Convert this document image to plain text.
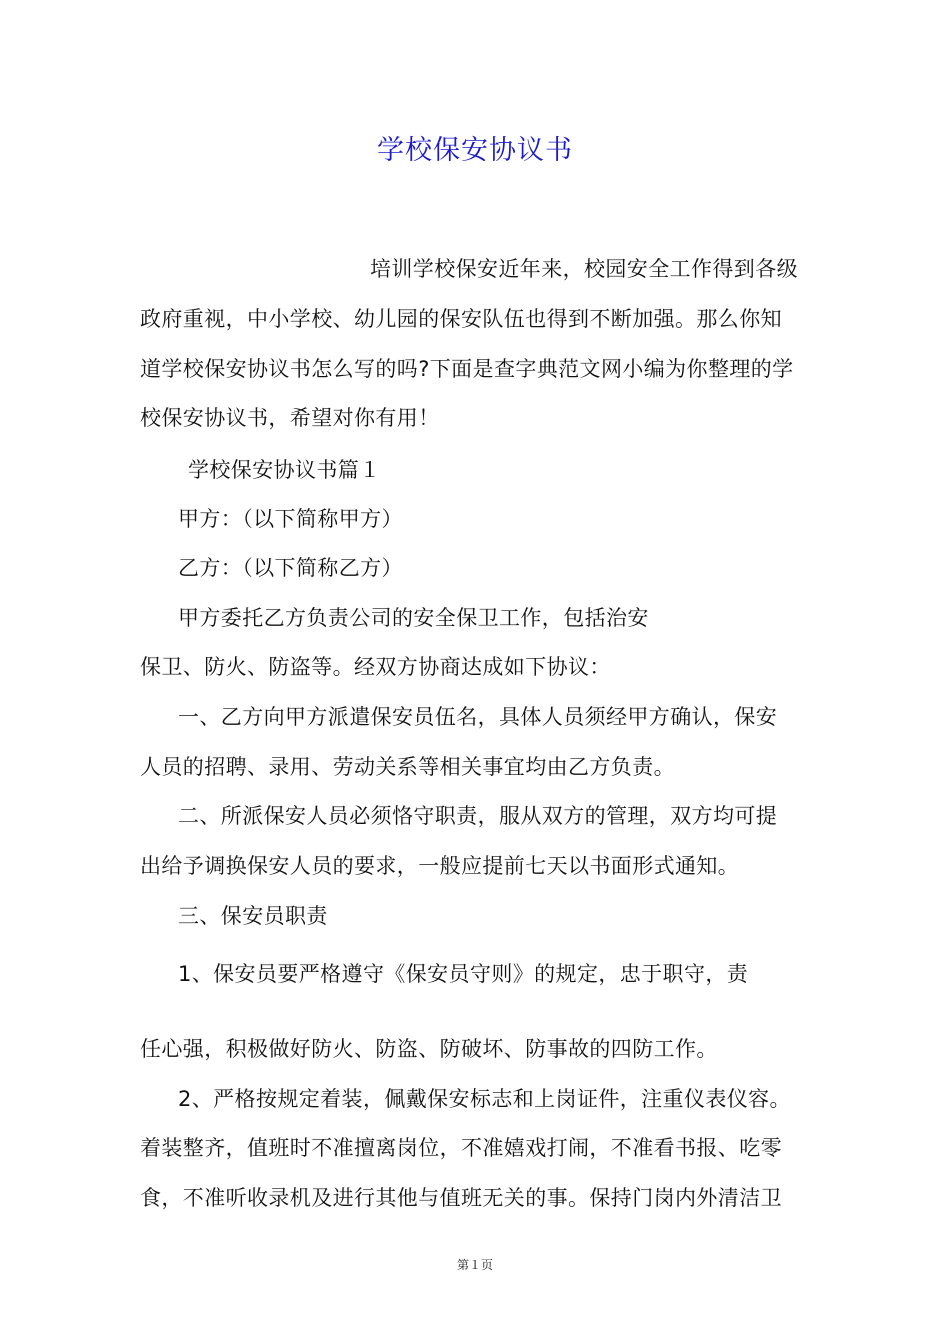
学校保安协议书
培训学校保安近年来，校园安全工作得到各级
政府重视，中小学校、幼儿园的保安队伍也得到不断加强。那么你知
道学校保安协议书怎么写的吗?下面是查字典范文网小编为你整理的学
校保安协议书，希望对你有用！
学校保安协议书篇１
甲方：（以下简称甲方）
乙方：（以下简称乙方）
甲方委托乙方负责公司的安全保卫工作，包括治安
保卫、防火、防盗等。经双方协商达成如下协议：
一、乙方向甲方派遣保安员伍名，具体人员须经甲方确认，保安
人员的招聘、录用、劳动关系等相关事宜均由乙方负责。
二、所派保安人员必须恪守职责，服从双方的管理，双方均可提
出给予调换保安人员的要求，一般应提前七天以书面形式通知。
三、保安员职责
1、保安员要严格遵守《保安员守则》的规定，忠于职守，责
任心强，积极做好防火、防盗、防破坏、防事故的四防工作。
2、严格按规定着装，佩戴保安标志和上岗证件，注重仪表仪容。
着装整齐，值班时不准擅离岗位，不准嬉戏打闹，不准看书报、吃零
食，不准听收录机及进行其他与值班无关的事。保持门岗内外清洁卫
第１页
